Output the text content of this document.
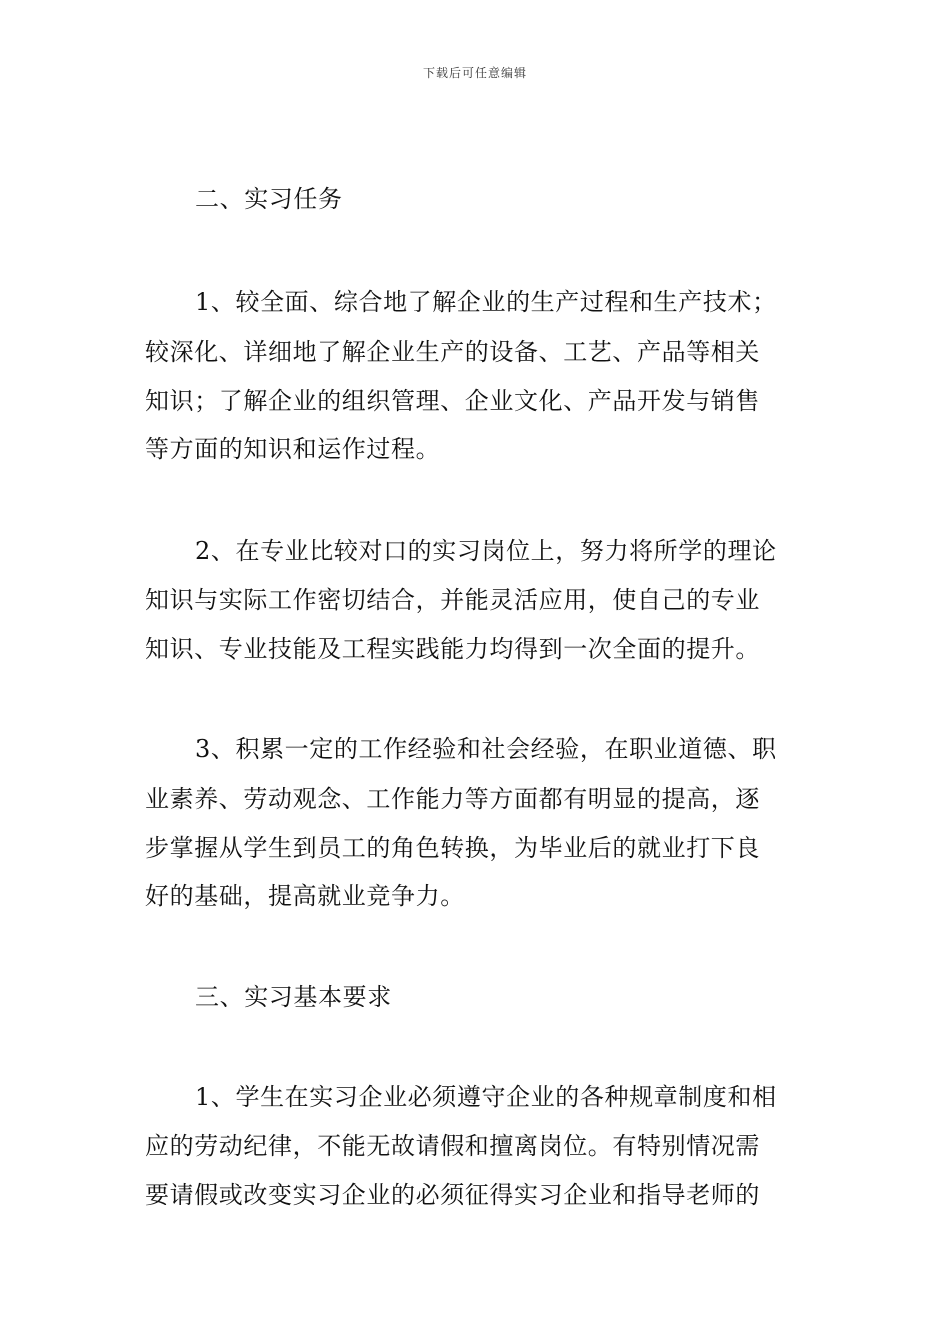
下载后可任意编辑
二、实习任务
1、较全面、综合地了解企业的生产过程和生产技术；
较深化、详细地了解企业生产的设备、工艺、产品等相关
知识；了解企业的组织管理、企业文化、产品开发与销售
等方面的知识和运作过程。
2、在专业比较对口的实习岗位上，努力将所学的理论
知识与实际工作密切结合，并能灵活应用，使自己的专业
知识、专业技能及工程实践能力均得到一次全面的提升。
3、积累一定的工作经验和社会经验，在职业道德、职
业素养、劳动观念、工作能力等方面都有明显的提高，逐
步掌握从学生到员工的角色转换，为毕业后的就业打下良
好的基础，提高就业竞争力。
三、实习基本要求
1、学生在实习企业必须遵守企业的各种规章制度和相
应的劳动纪律，不能无故请假和擅离岗位。有特别情况需
要请假或改变实习企业的必须征得实习企业和指导老师的
